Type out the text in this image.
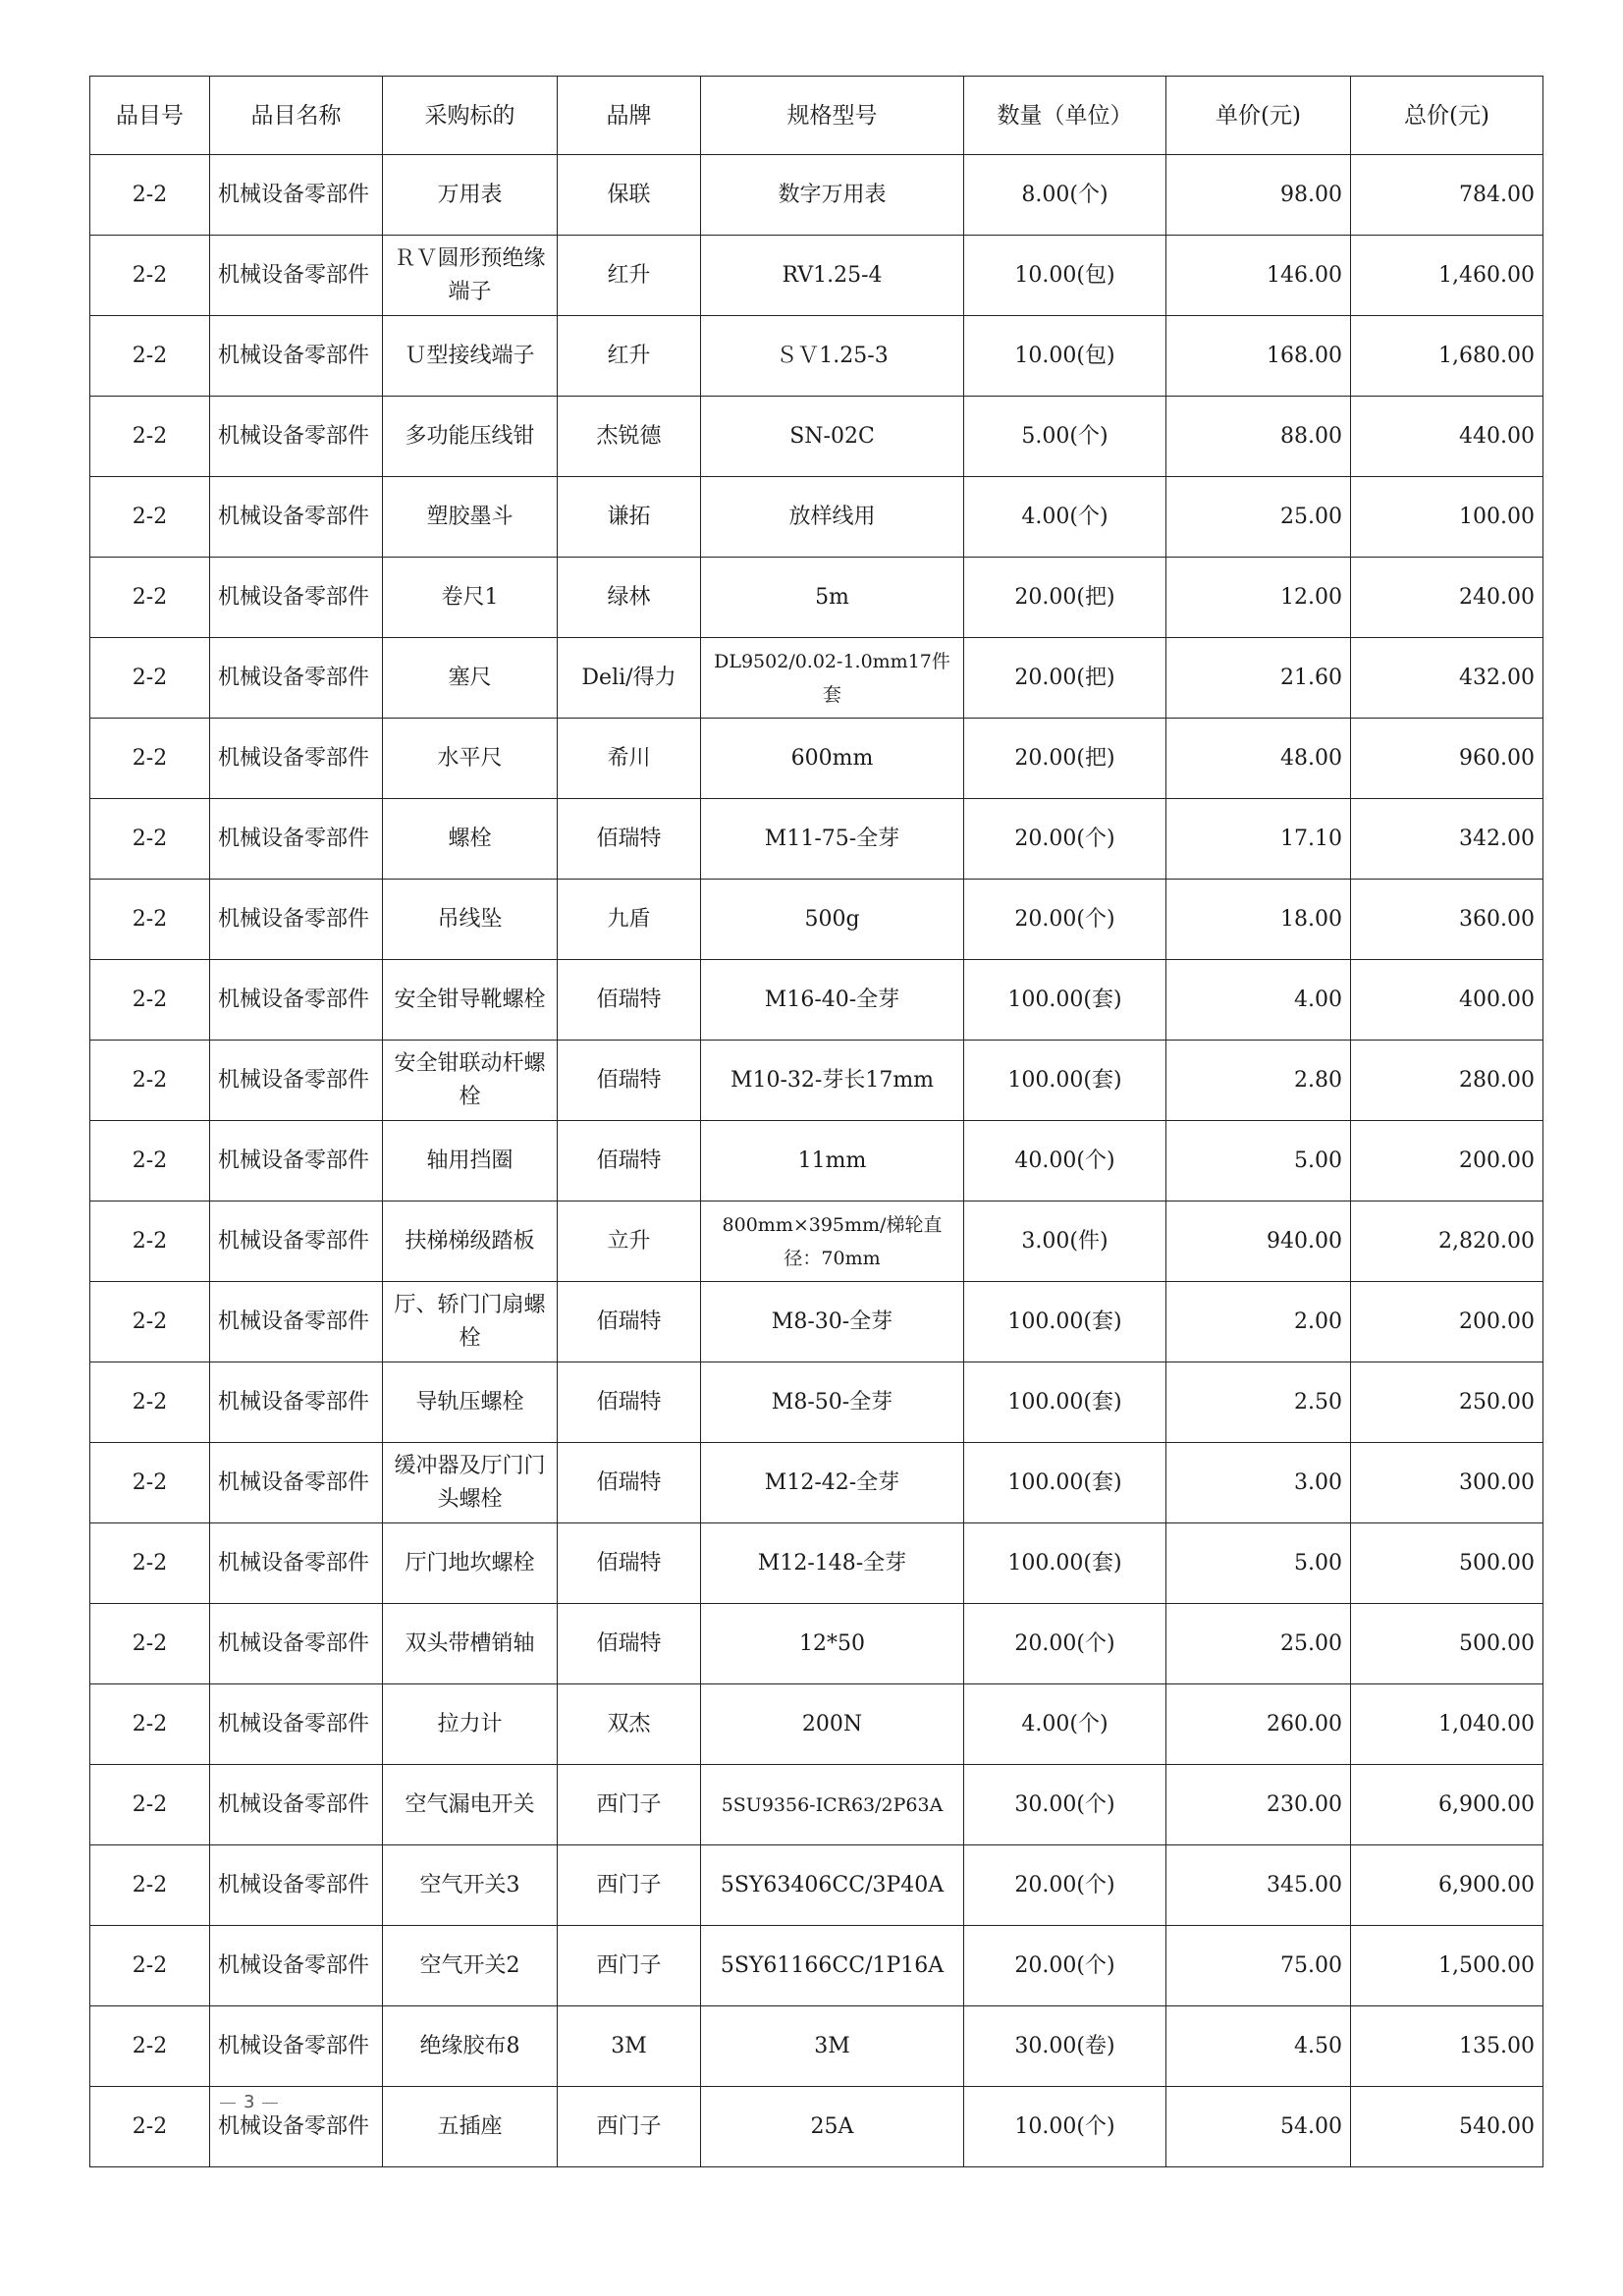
品目号	品目名称	采购标的	品牌	规格型号	数量（单位）	单价(元)	总价(元)
2-2	机械设备零部件	万用表	保联	数字万用表	8.00(个)	98.00	784.00
2-2	机械设备零部件	ＲＶ圆形预绝缘端子	红升	RV1.25-4	10.00(包)	146.00	1,460.00
2-2	机械设备零部件	Ｕ型接线端子	红升	ＳＶ1.25-3	10.00(包)	168.00	1,680.00
2-2	机械设备零部件	多功能压线钳	杰锐德	SN-02C	5.00(个)	88.00	440.00
2-2	机械设备零部件	塑胶墨斗	谦拓	放样线用	4.00(个)	25.00	100.00
2-2	机械设备零部件	卷尺1	绿林	5m	20.00(把)	12.00	240.00
2-2	机械设备零部件	塞尺	Deli/得力	DL9502/0.02-1.0mm17件套	20.00(把)	21.60	432.00
2-2	机械设备零部件	水平尺	希川	600mm	20.00(把)	48.00	960.00
2-2	机械设备零部件	螺栓	佰瑞特	M11-75-全芽	20.00(个)	17.10	342.00
2-2	机械设备零部件	吊线坠	九盾	500g	20.00(个)	18.00	360.00
2-2	机械设备零部件	安全钳导靴螺栓	佰瑞特	M16-40-全芽	100.00(套)	4.00	400.00
2-2	机械设备零部件	安全钳联动杆螺栓	佰瑞特	M10-32-芽长17mm	100.00(套)	2.80	280.00
2-2	机械设备零部件	轴用挡圈	佰瑞特	11mm	40.00(个)	5.00	200.00
2-2	机械设备零部件	扶梯梯级踏板	立升	800mm×395mm/梯轮直径：70mm	3.00(件)	940.00	2,820.00
2-2	机械设备零部件	厅、轿门门扇螺栓	佰瑞特	M8-30-全芽	100.00(套)	2.00	200.00
2-2	机械设备零部件	导轨压螺栓	佰瑞特	M8-50-全芽	100.00(套)	2.50	250.00
2-2	机械设备零部件	缓冲器及厅门门头螺栓	佰瑞特	M12-42-全芽	100.00(套)	3.00	300.00
2-2	机械设备零部件	厅门地坎螺栓	佰瑞特	M12-148-全芽	100.00(套)	5.00	500.00
2-2	机械设备零部件	双头带槽销轴	佰瑞特	12*50	20.00(个)	25.00	500.00
2-2	机械设备零部件	拉力计	双杰	200N	4.00(个)	260.00	1,040.00
2-2	机械设备零部件	空气漏电开关	西门子	5SU9356-ICR63/2P63A	30.00(个)	230.00	6,900.00
2-2	机械设备零部件	空气开关3	西门子	5SY63406CC/3P40A	20.00(个)	345.00	6,900.00
2-2	机械设备零部件	空气开关2	西门子	5SY61166CC/1P16A	20.00(个)	75.00	1,500.00
2-2	机械设备零部件	绝缘胶布8	3M	3M	30.00(卷)	4.50	135.00
2-2	机械设备零部件	五插座	西门子	25A	10.00(个)	54.00	540.00
3
